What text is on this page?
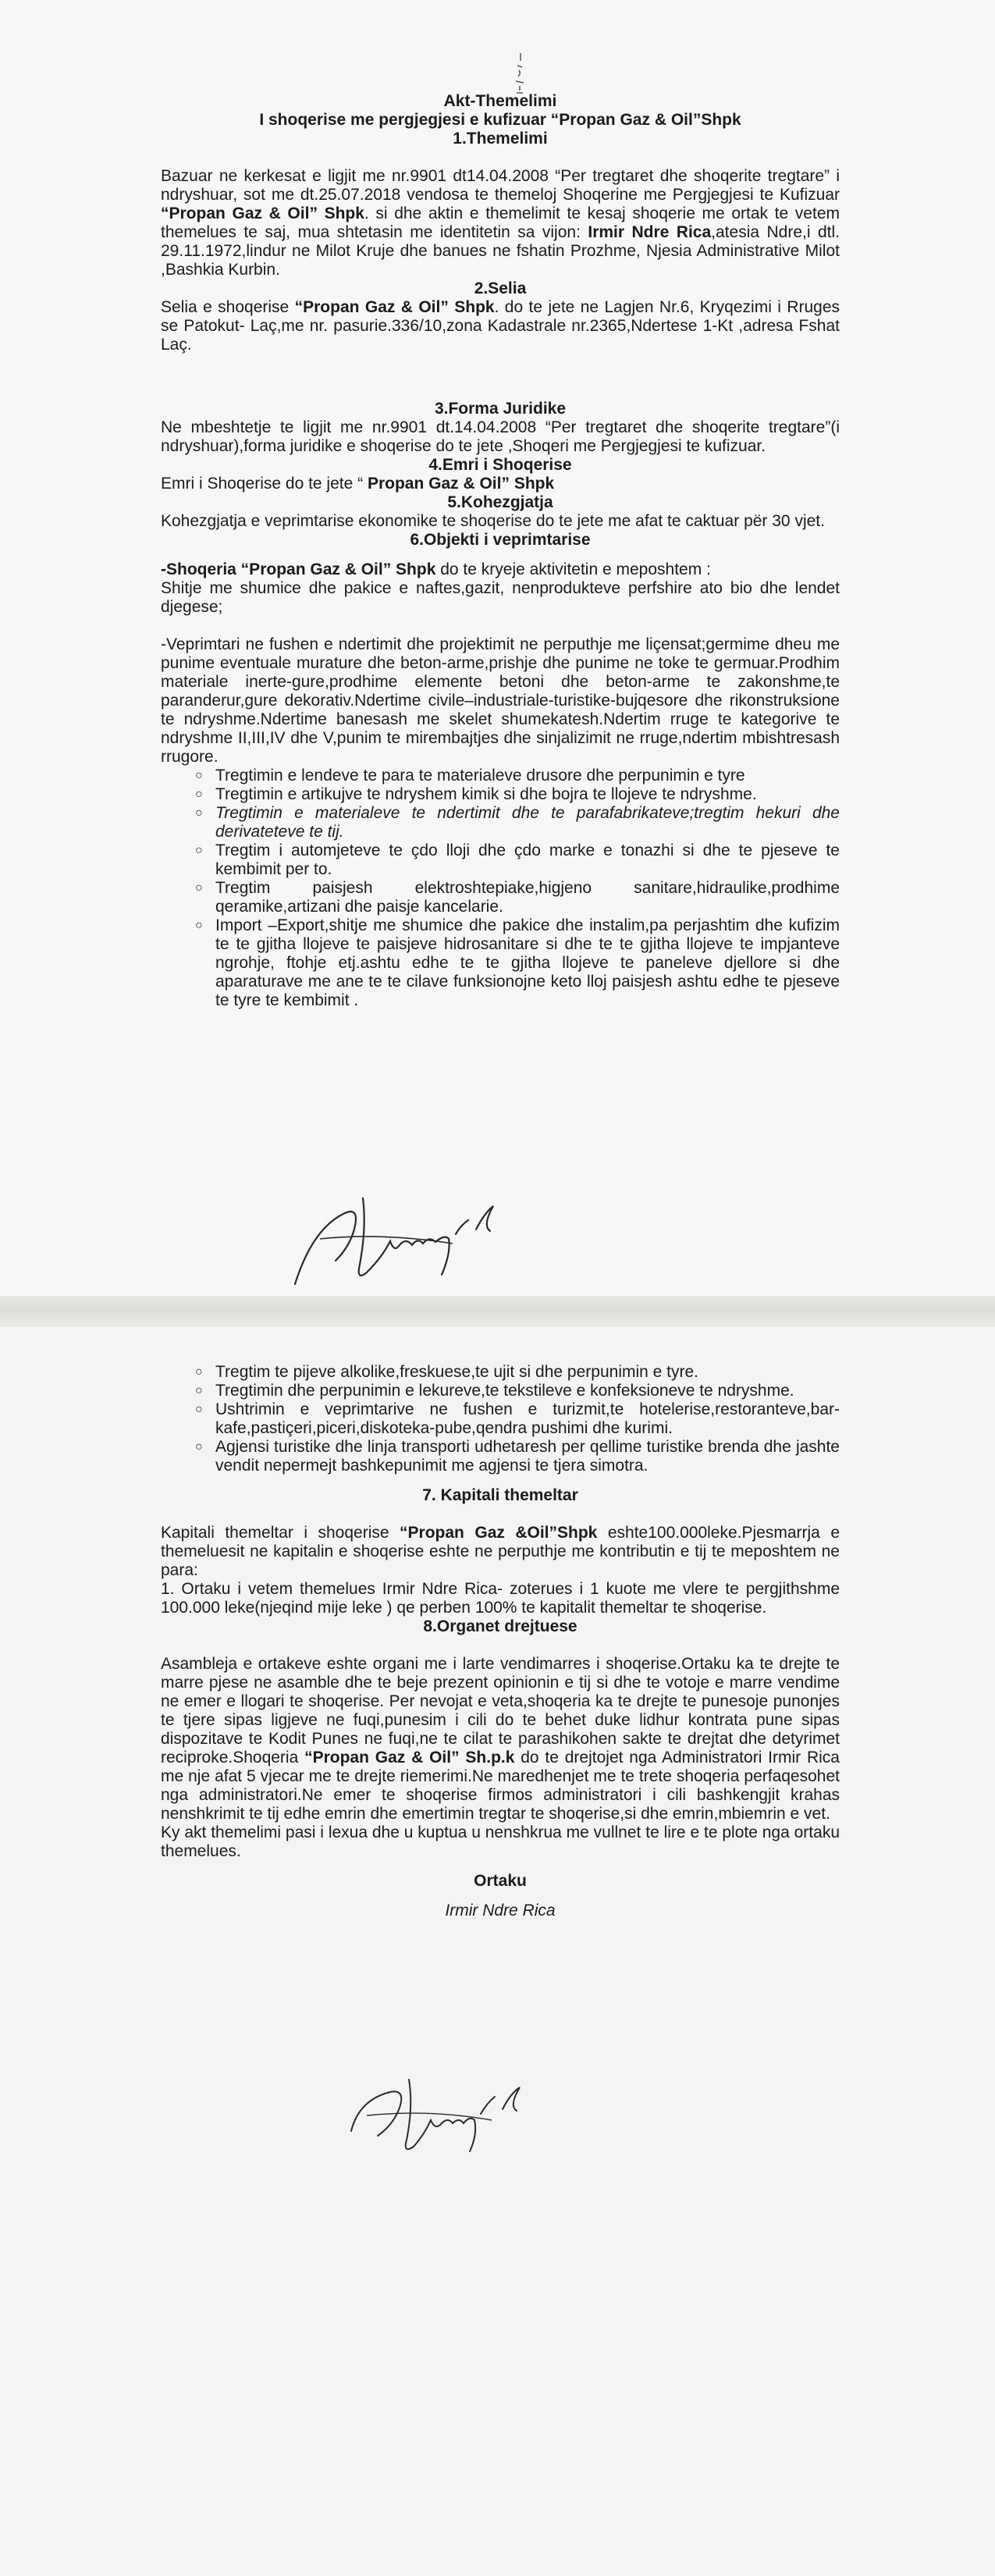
Akt-Themelimi

I shoqerise me pergjegjesi e kufizuar “Propan Gaz & Oil”Shpk

1.Themelimi

Bazuar ne kerkesat e ligjit me nr.9901 dt14.04.2008 “Per tregtaret dhe shoqerite tregtare” i ndryshuar, sot me dt.25.07.2018 vendosa te themeloj Shoqerine me Pergjegjesi te Kufizuar “Propan Gaz & Oil” Shpk. si dhe aktin e themelimit te kesaj shoqerie me ortak te vetem themelues te saj, mua shtetasin me identitetin sa vijon: Irmir Ndre Rica,atesia Ndre,i dtl. 29.11.1972,lindur ne Milot Kruje dhe banues ne fshatin Prozhme, Njesia Administrative Milot ,Bashkia Kurbin.

2.Selia

Selia e shoqerise “Propan Gaz & Oil” Shpk. do te jete ne Lagjen Nr.6, Kryqezimi i Rruges se Patokut- Laç,me nr. pasurie.336/10,zona Kadastrale nr.2365,Ndertese 1-Kt ,adresa Fshat Laç.

3.Forma Juridike

Ne mbeshtetje te ligjit me nr.9901 dt.14.04.2008 “Per tregtaret dhe shoqerite tregtare”(i ndryshuar),forma juridike e shoqerise do te jete ,Shoqeri me Pergjegjesi te kufizuar.

4.Emri i Shoqerise

Emri i Shoqerise do te jete “ Propan Gaz & Oil” Shpk

5.Kohezgjatja

Kohezgjatja e veprimtarise ekonomike te shoqerise do te jete me afat te caktuar për 30 vjet.

6.Objekti i veprimtarise

-Shoqeria “Propan Gaz & Oil” Shpk do te kryeje aktivitetin e meposhtem :

Shitje me shumice dhe pakice e naftes,gazit, nenprodukteve perfshire ato bio dhe lendet djegese;

-Veprimtari ne fushen e ndertimit dhe projektimit ne perputhje me liçensat;germime dheu me punime eventuale murature dhe beton-arme,prishje dhe punime ne toke te germuar.Prodhim materiale inerte-gure,prodhime elemente betoni dhe beton-arme te zakonshme,te paranderur,gure dekorativ.Ndertime civile–industriale-turistike-bujqesore dhe rikonstruksione te ndryshme.Ndertime banesash me skelet shumekatesh.Ndertim rruge te kategorive te ndryshme II,III,IV dhe V,punim te mirembajtjes dhe sinjalizimit ne rruge,ndertim mbishtresash rrugore.

○ Tregtimin e lendeve te para te materialeve drusore dhe perpunimin e tyre
○ Tregtimin e artikujve te ndryshem kimik si dhe bojra te llojeve te ndryshme.
○ Tregtimin e materialeve te ndertimit dhe te parafabrikateve;tregtim hekuri dhe derivateteve te tij.
○ Tregtim i automjeteve te çdo lloji dhe çdo marke e tonazhi si dhe te pjeseve te kembimit per to.
○ Tregtim paisjesh elektroshtepiake,higjeno sanitare,hidraulike,prodhime qeramike,artizani dhe paisje kancelarie.
○ Import –Export,shitje me shumice dhe pakice dhe instalim,pa perjashtim dhe kufizim te te gjitha llojeve te paisjeve hidrosanitare si dhe te te gjitha llojeve te impjanteve ngrohje, ftohje etj.ashtu edhe te te gjitha llojeve te paneleve djellore si dhe aparaturave me ane te te cilave funksionojne keto lloj paisjesh ashtu edhe te pjeseve te tyre te kembimit .
○ Tregtim te pijeve alkolike,freskuese,te ujit si dhe perpunimin e tyre.
○ Tregtimin dhe perpunimin e lekureve,te tekstileve e konfeksioneve te ndryshme.
○ Ushtrimin e veprimtarive ne fushen e turizmit,te hotelerise,restoranteve,bar-kafe,pastiçeri,piceri,diskoteka-pube,qendra pushimi dhe kurimi.
○ Agjensi turistike dhe linja transporti udhetaresh per qellime turistike brenda dhe jashte vendit nepermejt bashkepunimit me agjensi te tjera simotra.

7. Kapitali themeltar

Kapitali themeltar i shoqerise “Propan Gaz &Oil”Shpk eshte100.000leke.Pjesmarrja e themeluesit ne kapitalin e shoqerise eshte ne perputhje me kontributin e tij te meposhtem ne para:

1. Ortaku i vetem themelues Irmir Ndre Rica- zoterues i 1 kuote me vlere te pergjithshme 100.000 leke(njeqind mije leke ) qe perben 100% te kapitalit themeltar te shoqerise.

8.Organet drejtuese

Asambleja e ortakeve eshte organi me i larte vendimarres i shoqerise.Ortaku ka te drejte te marre pjese ne asamble dhe te beje prezent opinionin e tij si dhe te votoje e marre vendime ne emer e llogari te shoqerise. Per nevojat e veta,shoqeria ka te drejte te punesoje punonjes te tjere sipas ligjeve ne fuqi,punesim i cili do te behet duke lidhur kontrata pune sipas dispozitave te Kodit Punes ne fuqi,ne te cilat te parashikohen sakte te drejtat dhe detyrimet reciproke.Shoqeria “Propan Gaz & Oil” Sh.p.k do te drejtojet nga Administratori Irmir Rica me nje afat 5 vjecar me te drejte riemerimi.Ne maredhenjet me te trete shoqeria perfaqesohet nga administratori.Ne emer te shoqerise firmos administratori i cili bashkengjit krahas nenshkrimit te tij edhe emrin dhe emertimin tregtar te shoqerise,si dhe emrin,mbiemrin e vet.

Ky akt themelimi pasi i lexua dhe u kuptua u nenshkrua me vullnet te lire e te plote nga ortaku themelues.

Ortaku

Irmir Ndre Rica
